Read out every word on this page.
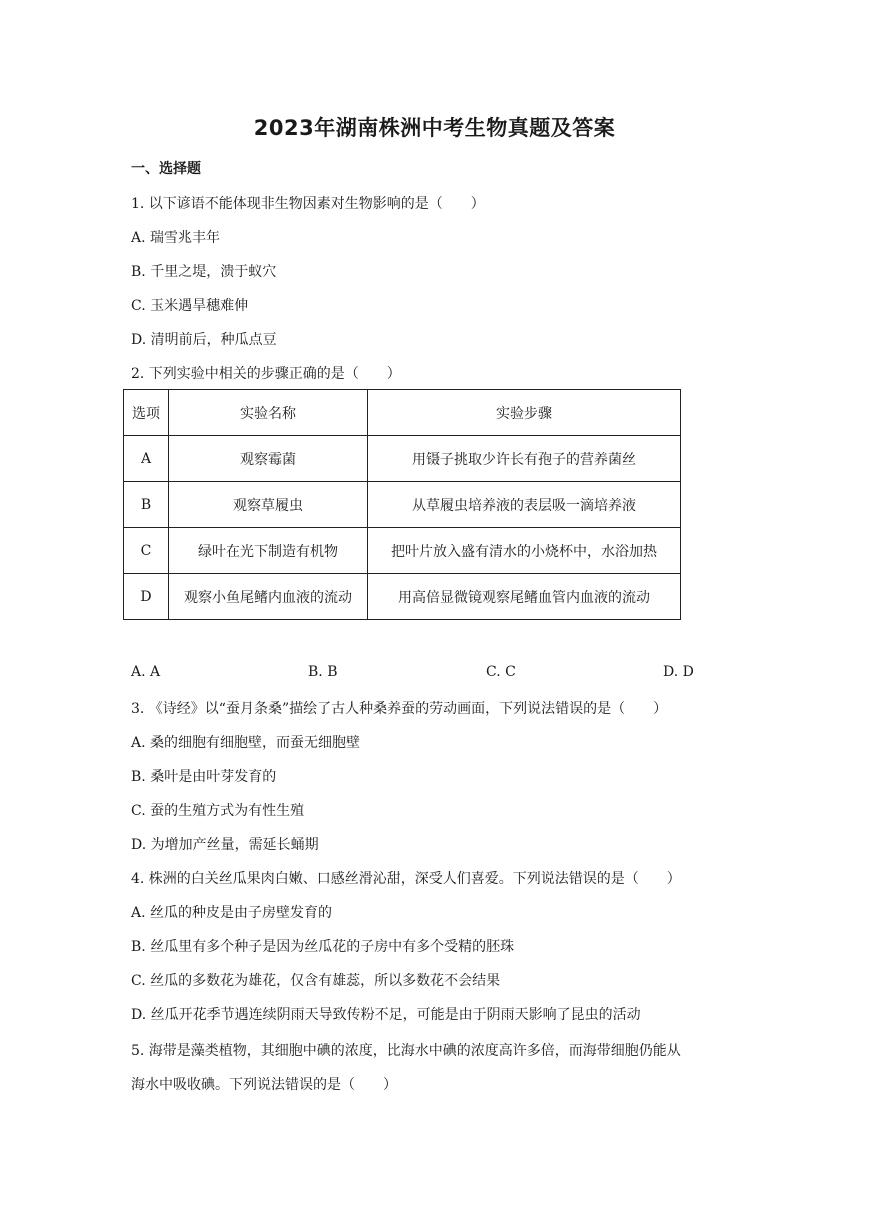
2023年湖南株洲中考生物真题及答案
一、选择题
1. 以下谚语不能体现非生物因素对生物影响的是（　　）
A. 瑞雪兆丰年
B. 千里之堤，溃于蚁穴
C. 玉米遇旱穗难伸
D. 清明前后，种瓜点豆
2. 下列实验中相关的步骤正确的是（　　）
选项	实验名称	实验步骤
A	观察霉菌	用镊子挑取少许长有孢子的营养菌丝
B	观察草履虫	从草履虫培养液的表层吸一滴培养液
C	绿叶在光下制造有机物	把叶片放入盛有清水的小烧杯中，水浴加热
D	观察小鱼尾鳍内血液的流动	用高倍显微镜观察尾鳍血管内血液的流动
A. A	B. B	C. C	D. D
3. 《诗经》以“蚕月条桑”描绘了古人种桑养蚕的劳动画面，下列说法错误的是（　　）
A. 桑的细胞有细胞壁，而蚕无细胞壁
B. 桑叶是由叶芽发育的
C. 蚕的生殖方式为有性生殖
D. 为增加产丝量，需延长蛹期
4. 株洲的白关丝瓜果肉白嫩、口感丝滑沁甜，深受人们喜爱。下列说法错误的是（　　）
A. 丝瓜的种皮是由子房壁发育的
B. 丝瓜里有多个种子是因为丝瓜花的子房中有多个受精的胚珠
C. 丝瓜的多数花为雄花，仅含有雄蕊，所以多数花不会结果
D. 丝瓜开花季节遇连续阴雨天导致传粉不足，可能是由于阴雨天影响了昆虫的活动
5. 海带是藻类植物，其细胞中碘的浓度，比海水中碘的浓度高许多倍，而海带细胞仍能从
海水中吸收碘。下列说法错误的是（　　）
